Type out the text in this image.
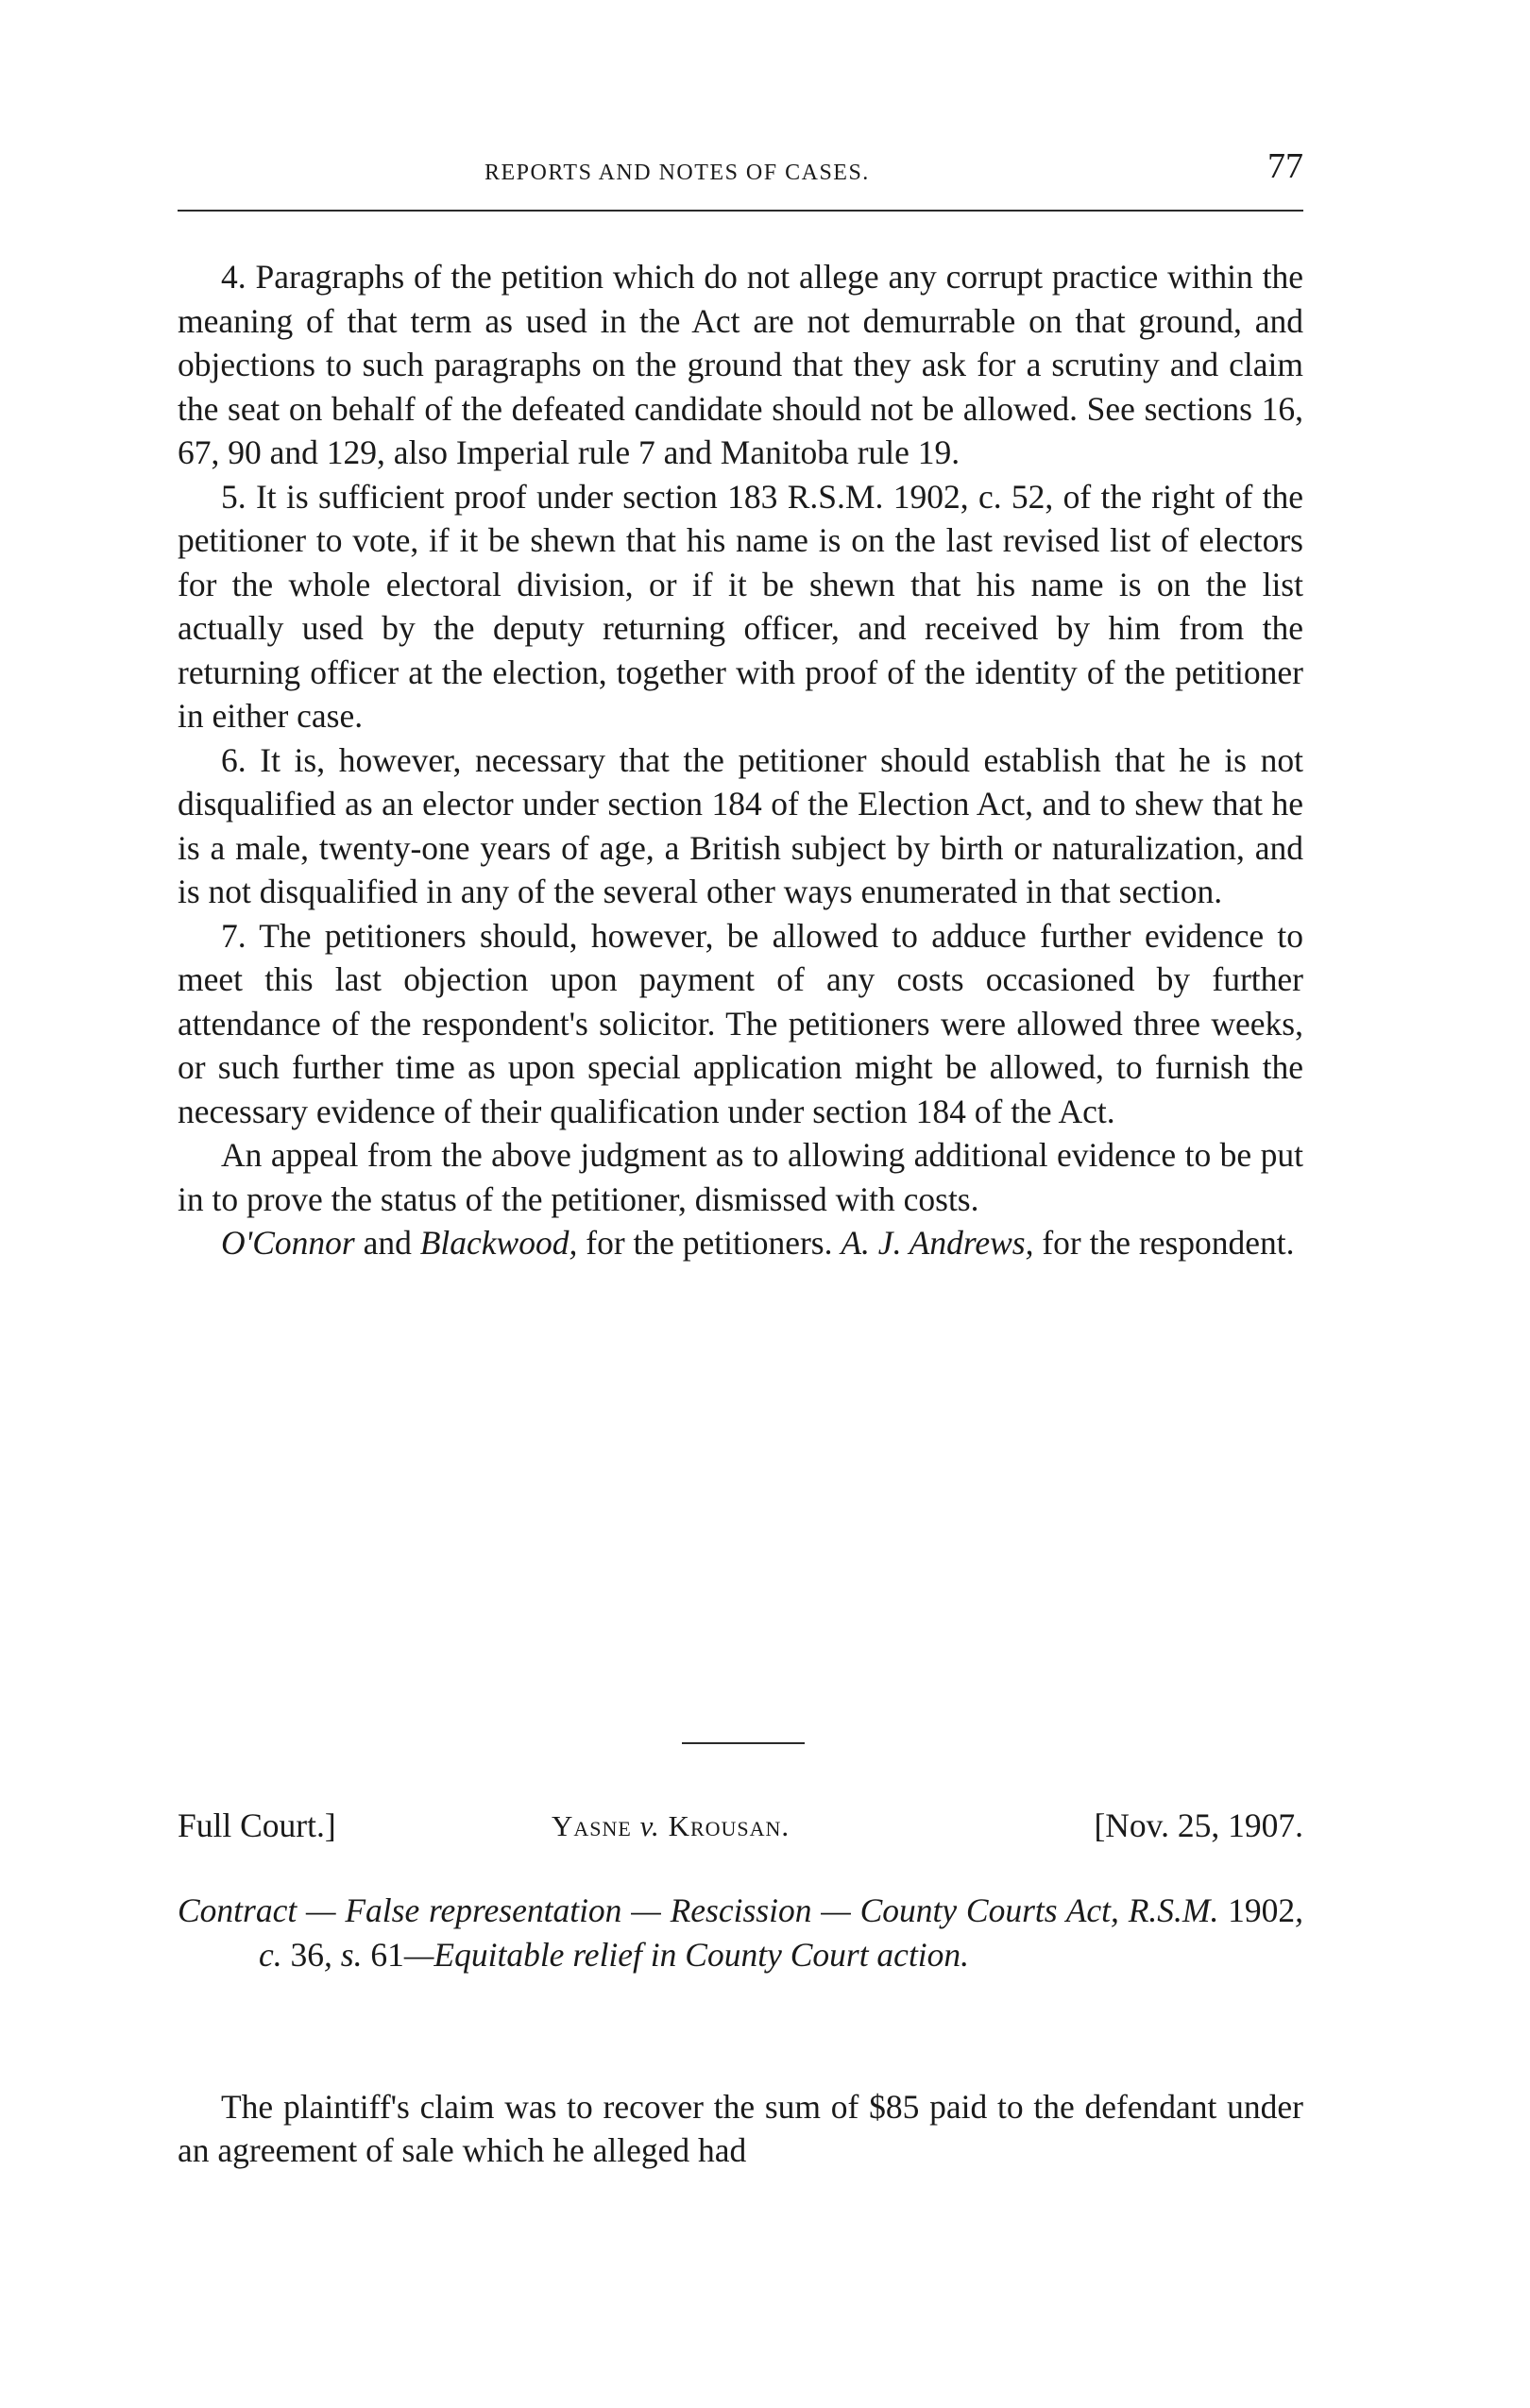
REPORTS AND NOTES OF CASES.	77

4. Paragraphs of the petition which do not allege any corrupt practice within the meaning of that term as used in the Act are not demurrable on that ground, and objections to such paragraphs on the ground that they ask for a scrutiny and claim the seat on behalf of the defeated candidate should not be allowed. See sections 16, 67, 90 and 129, also Imperial rule 7 and Manitoba rule 19.

5. It is sufficient proof under section 183 R.S.M. 1902, c. 52, of the right of the petitioner to vote, if it be shewn that his name is on the last revised list of electors for the whole electoral division, or if it be shewn that his name is on the list actually used by the deputy returning officer, and received by him from the returning officer at the election, together with proof of the identity of the petitioner in either case.

6. It is, however, necessary that the petitioner should establish that he is not disqualified as an elector under section 184 of the Election Act, and to shew that he is a male, twenty-one years of age, a British subject by birth or naturalization, and is not disqualified in any of the several other ways enumerated in that section.

7. The petitioners should, however, be allowed to adduce further evidence to meet this last objection upon payment of any costs occasioned by further attendance of the respondent's solicitor. The petitioners were allowed three weeks, or such further time as upon special application might be allowed, to furnish the necessary evidence of their qualification under section 184 of the Act.

An appeal from the above judgment as to allowing additional evidence to be put in to prove the status of the petitioner, dismissed with costs.

O'Connor and Blackwood, for the petitioners. A. J. Andrews, for the respondent.

Full Court.]	Yasne v. Krousan.	[Nov. 25, 1907.
Contract — False representation — Rescission — County Courts Act, R.S.M. 1902, c. 36, s. 61—Equitable relief in County Court action.

The plaintiff's claim was to recover the sum of $85 paid to the defendant under an agreement of sale which he alleged had
